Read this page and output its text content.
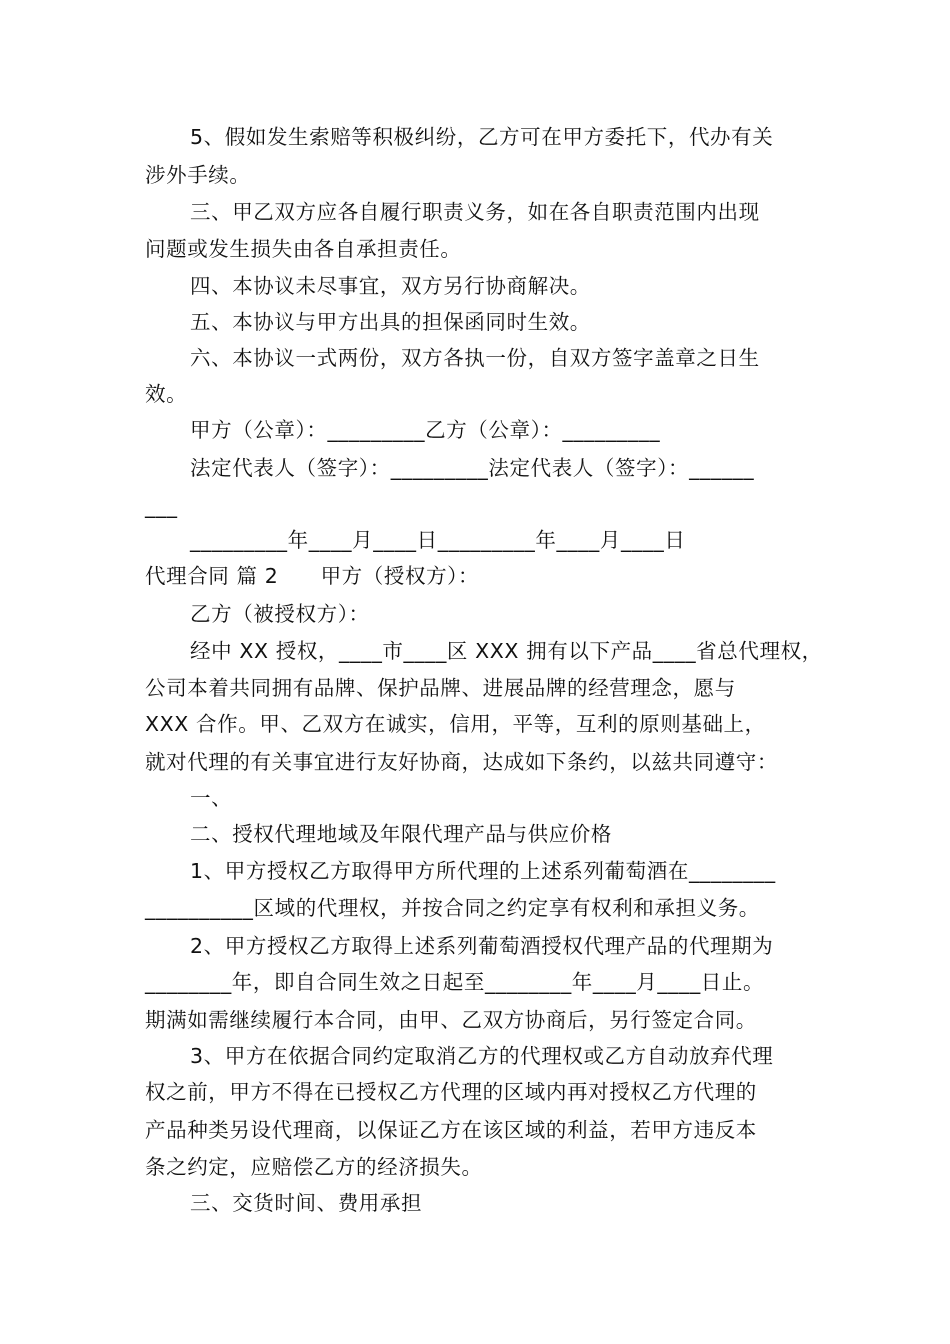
5、假如发生索赔等积极纠纷，乙方可在甲方委托下，代办有关
涉外手续。
三、甲乙双方应各自履行职责义务，如在各自职责范围内出现
问题或发生损失由各自承担责任。
四、本协议未尽事宜，双方另行协商解决。
五、本协议与甲方出具的担保函同时生效。
六、本协议一式两份，双方各执一份，自双方签字盖章之日生
效。
甲方（公章）：_________乙方（公章）：_________
法定代表人（签字）：_________法定代表人（签字）：______
___
_________年____月____日_________年____月____日
代理合同 篇 2　　甲方（授权方）：
乙方（被授权方）：
经中 XX 授权，____市____区 XXX 拥有以下产品____省总代理权，
公司本着共同拥有品牌、保护品牌、进展品牌的经营理念，愿与
XXX 合作。甲、乙双方在诚实，信用，平等，互利的原则基础上，
就对代理的有关事宜进行友好协商，达成如下条约，以兹共同遵守：
一、
二、授权代理地域及年限代理产品与供应价格
1、甲方授权乙方取得甲方所代理的上述系列葡萄酒在________
__________区域的代理权，并按合同之约定享有权利和承担义务。
2、甲方授权乙方取得上述系列葡萄酒授权代理产品的代理期为
________年，即自合同生效之日起至________年____月____日止。
期满如需继续履行本合同，由甲、乙双方协商后，另行签定合同。
3、甲方在依据合同约定取消乙方的代理权或乙方自动放弃代理
权之前，甲方不得在已授权乙方代理的区域内再对授权乙方代理的
产品种类另设代理商，以保证乙方在该区域的利益，若甲方违反本
条之约定，应赔偿乙方的经济损失。
三、交货时间、费用承担
